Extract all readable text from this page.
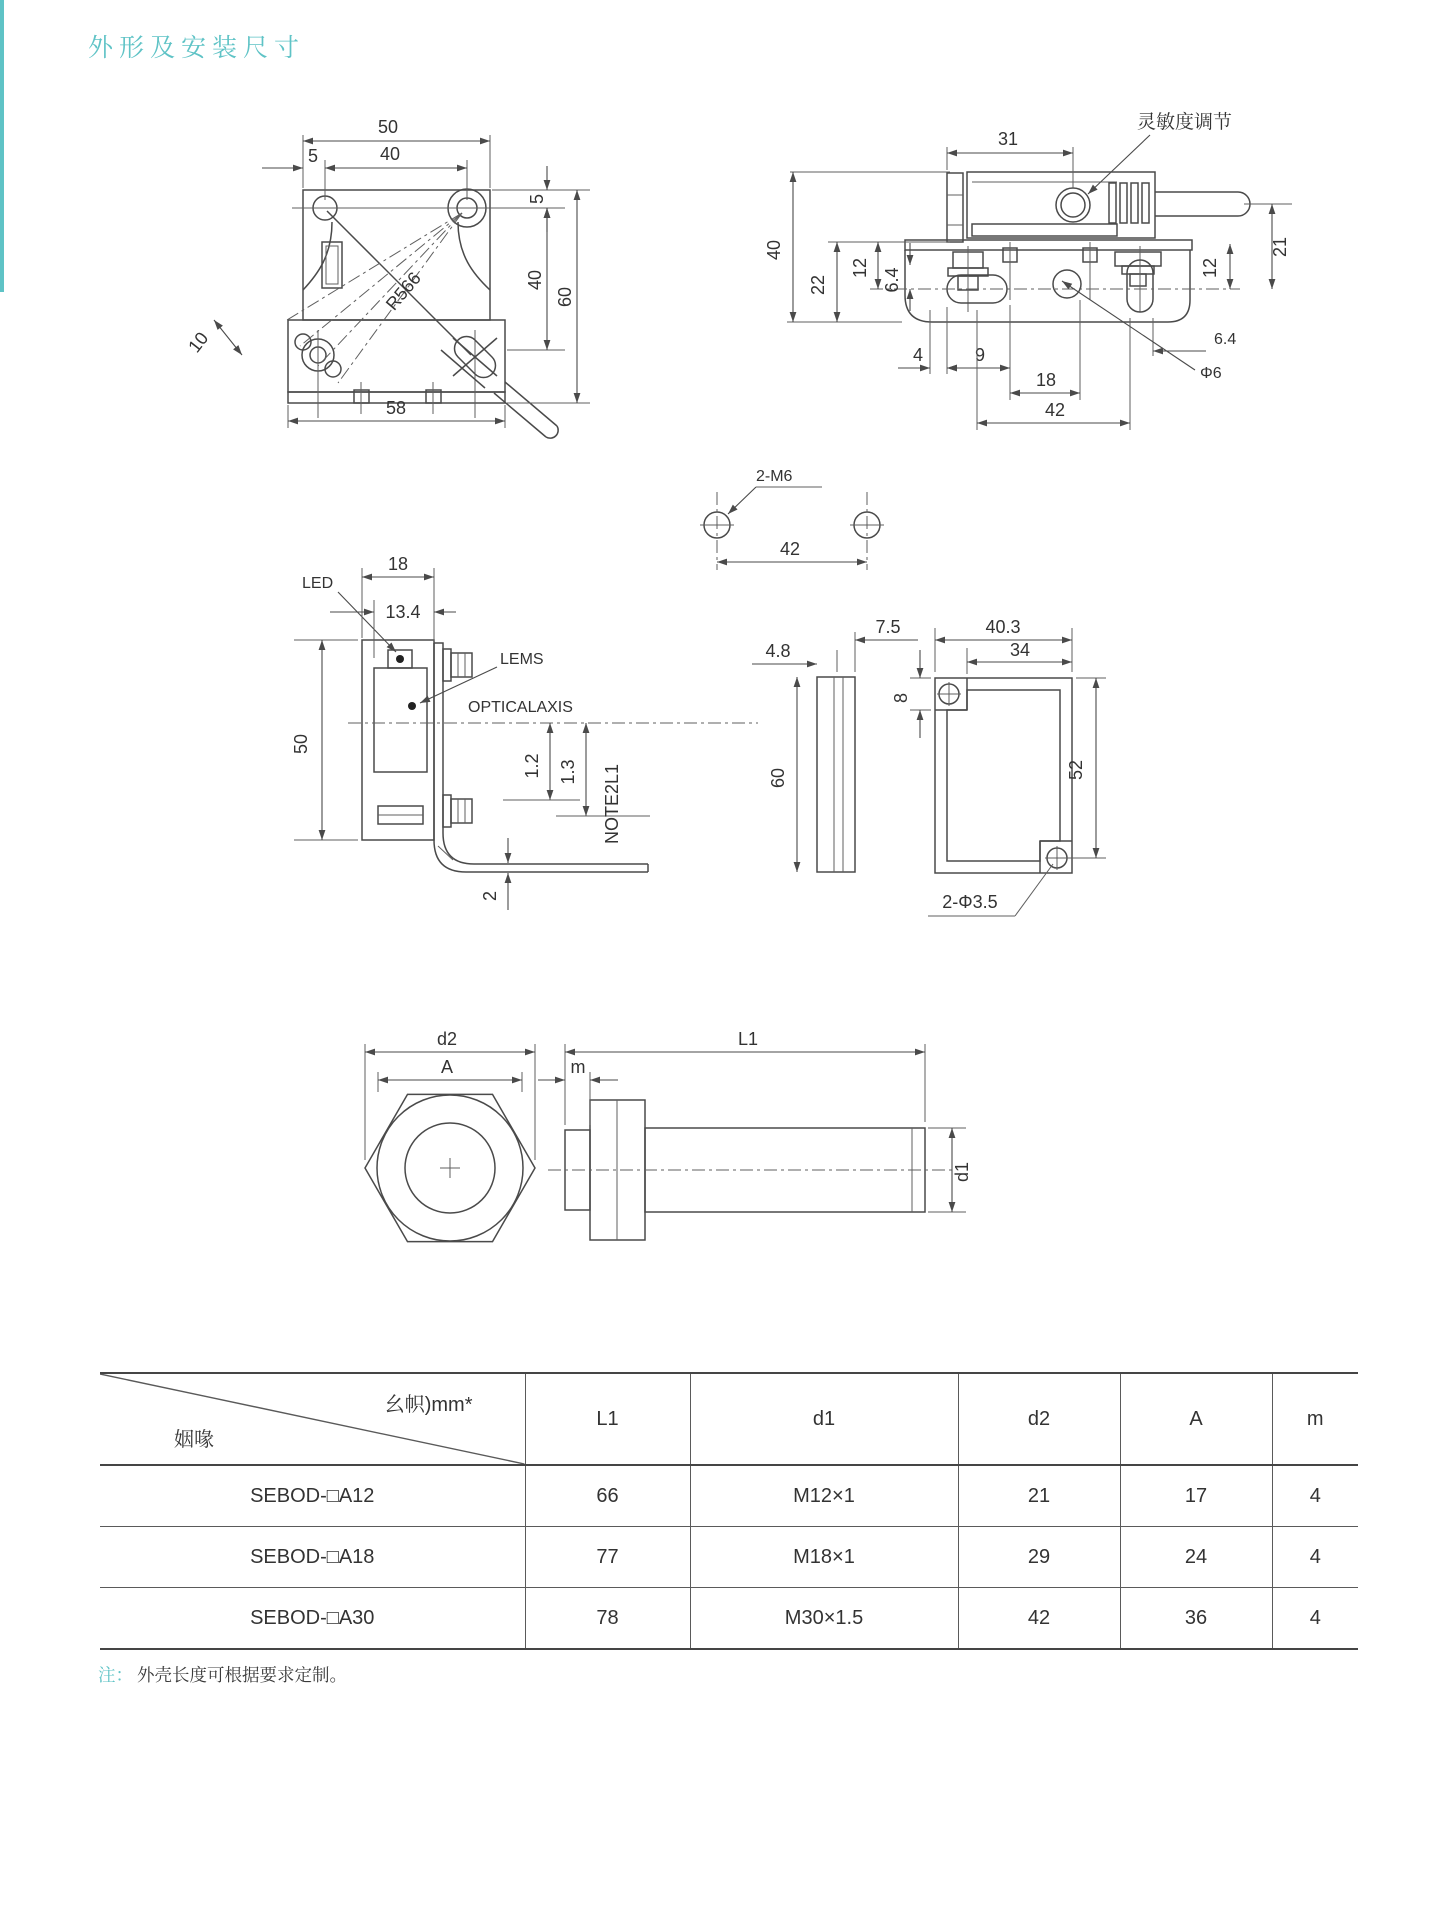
外形及安装尺寸
50
40
5
5
40
60
58
10
R566
31
灵敏度调节
40
22
12 6.4
4	9
18
42
21
12
6.4
Φ6
2-M6
42
LED
LEMS
OPTICALAXIS
18
13.4
50
1.2 1.3 NOTE2L1
2
4.8
7.5
60
40.3
34
8
52
2-Φ3.5
d2
A
L1
m
d1
幺帜)mm*
姻喙	L1	d1	d2	A	m
SEBOD-□A12	66	M12×1	21	17	4
SEBOD-□A18	77	M18×1	29	24	4
SEBOD-□A30	78	M30×1.5	42	36	4
注： 外壳长度可根据要求定制。
